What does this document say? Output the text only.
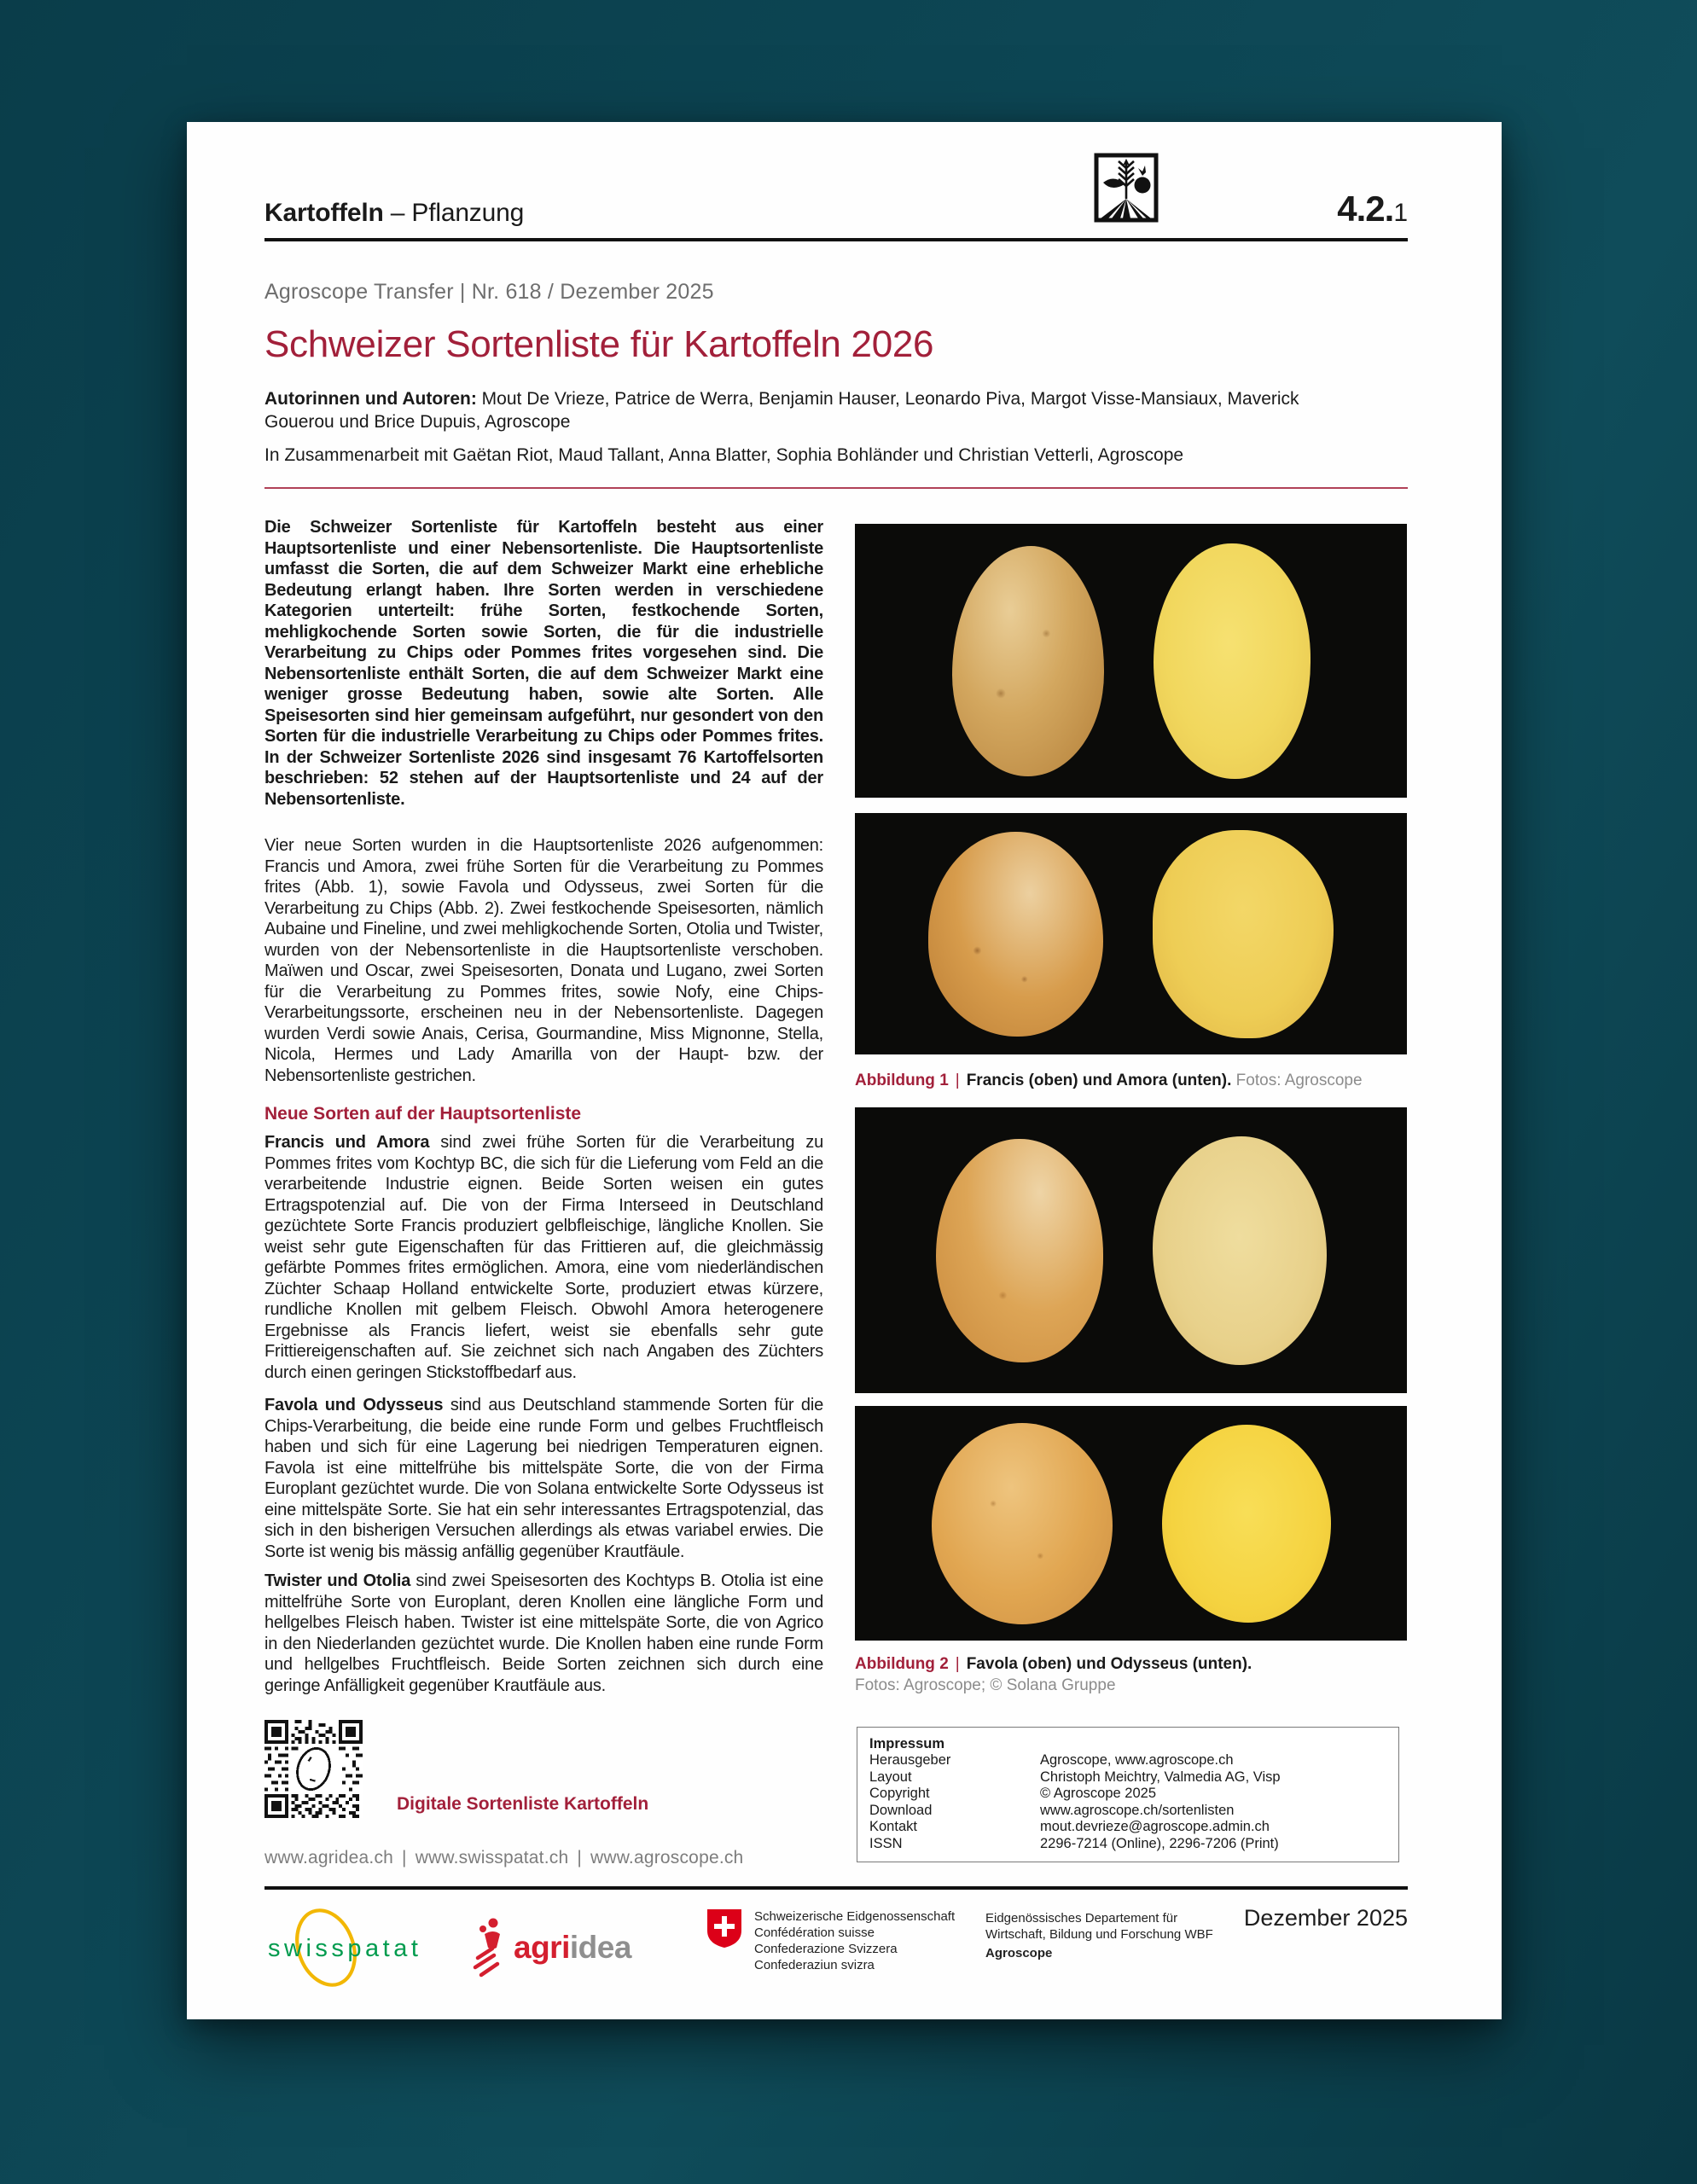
Kartoffeln – Pflanzung	4.2.1
Agroscope Transfer | Nr. 618 / Dezember 2025
Schweizer Sortenliste für Kartoffeln 2026

Autorinnen und Autoren: Mout De Vrieze, Patrice de Werra, Benjamin Hauser, Leonardo Piva, Margot Visse-Mansiaux, Maverick Gouerou und Brice Dupuis, Agroscope

In Zusammenarbeit mit Gaëtan Riot, Maud Tallant, Anna Blatter, Sophia Bohländer und Christian Vetterli, Agroscope

Die Schweizer Sortenliste für Kartoffeln besteht aus einer Hauptsortenliste und einer Nebensortenliste. Die Hauptsortenliste umfasst die Sorten, die auf dem Schweizer Markt eine erhebliche Bedeutung erlangt haben. Ihre Sorten werden in verschiedene Kategorien unterteilt: frühe Sorten, festkochende Sorten, mehligkochende Sorten sowie Sorten, die für die industrielle Verarbeitung zu Chips oder Pommes frites vorgesehen sind. Die Nebensortenliste enthält Sorten, die auf dem Schweizer Markt eine weniger grosse Bedeutung haben, sowie alte Sorten. Alle Speisesorten sind hier gemeinsam aufgeführt, nur gesondert von den Sorten für die industrielle Verarbeitung zu Chips oder Pommes frites. In der Schweizer Sortenliste 2026 sind insgesamt 76 Kartoffelsorten beschrieben: 52 stehen auf der Hauptsortenliste und 24 auf der Nebensortenliste.

Vier neue Sorten wurden in die Hauptsortenliste 2026 aufgenommen: Francis und Amora, zwei frühe Sorten für die Verarbeitung zu Pommes frites (Abb. 1), sowie Favola und Odysseus, zwei Sorten für die Verarbeitung zu Chips (Abb. 2). Zwei festkochende Speisesorten, nämlich Aubaine und Fineline, und zwei mehligkochende Sorten, Otolia und Twister, wurden von der Nebensortenliste in die Hauptsortenliste verschoben. Maïwen und Oscar, zwei Speisesorten, Donata und Lugano, zwei Sorten für die Verarbeitung zu Pommes frites, sowie Nofy, eine Chips-Verarbeitungssorte, erscheinen neu in der Nebensortenliste. Dagegen wurden Verdi sowie Anais, Cerisa, Gourmandine, Miss Mignonne, Stella, Nicola, Hermes und Lady Amarilla von der Haupt- bzw. der Nebensortenliste gestrichen.

Neue Sorten auf der Hauptsortenliste

Francis und Amora sind zwei frühe Sorten für die Verarbeitung zu Pommes frites vom Kochtyp BC, die sich für die Lieferung vom Feld an die verarbeitende Industrie eignen. Beide Sorten weisen ein gutes Ertragspotenzial auf. Die von der Firma Interseed in Deutschland gezüchtete Sorte Francis produziert gelbfleischige, längliche Knollen. Sie weist sehr gute Eigenschaften für das Frittieren auf, die gleichmässig gefärbte Pommes frites ermöglichen. Amora, eine vom niederländischen Züchter Schaap Holland entwickelte Sorte, produziert etwas kürzere, rundliche Knollen mit gelbem Fleisch. Obwohl Amora heterogenere Ergebnisse als Francis liefert, weist sie ebenfalls sehr gute Frittiereigenschaften auf. Sie zeichnet sich nach Angaben des Züchters durch einen geringen Stickstoffbedarf aus.

Favola und Odysseus sind aus Deutschland stammende Sorten für die Chips-Verarbeitung, die beide eine runde Form und gelbes Fruchtfleisch haben und sich für eine Lagerung bei niedrigen Temperaturen eignen. Favola ist eine mittelfrühe bis mittelspäte Sorte, die von der Firma Europlant gezüchtet wurde. Die von Solana entwickelte Sorte Odysseus ist eine mittelspäte Sorte. Sie hat ein sehr interessantes Ertragspotenzial, das sich in den bisherigen Versuchen allerdings als etwas variabel erwies. Die Sorte ist wenig bis mässig anfällig gegenüber Krautfäule.

Twister und Otolia sind zwei Speisesorten des Kochtyps B. Otolia ist eine mittelfrühe Sorte von Europlant, deren Knollen eine längliche Form und hellgelbes Fleisch haben. Twister ist eine mittelspäte Sorte, die von Agrico in den Niederlanden gezüchtet wurde. Die Knollen haben eine runde Form und hellgelbes Fruchtfleisch. Beide Sorten zeichnen sich durch eine geringe Anfälligkeit gegenüber Krautfäule aus.

Digitale Sortenliste Kartoffeln
www.agridea.ch | www.swisspatat.ch | www.agroscope.ch
Abbildung 1 | Francis (oben) und Amora (unten). Fotos: Agroscope
Abbildung 2 | Favola (oben) und Odysseus (unten).
Fotos: Agroscope; © Solana Gruppe
Impressum
Herausgeber	Agroscope, www.agroscope.ch
Layout	Christoph Meichtry, Valmedia AG, Visp
Copyright	© Agroscope 2025
Download	www.agroscope.ch/sortenlisten
Kontakt	mout.devrieze@agroscope.admin.ch
ISSN	2296-7214 (Online), 2296-7206 (Print)
swisspatat	agriidea
Schweizerische Eidgenossenschaft
Confédération suisse
Confederazione Svizzera
Confederaziun svizra
Eidgenössisches Departement für
Wirtschaft, Bildung und Forschung WBF
Agroscope
Dezember 2025
